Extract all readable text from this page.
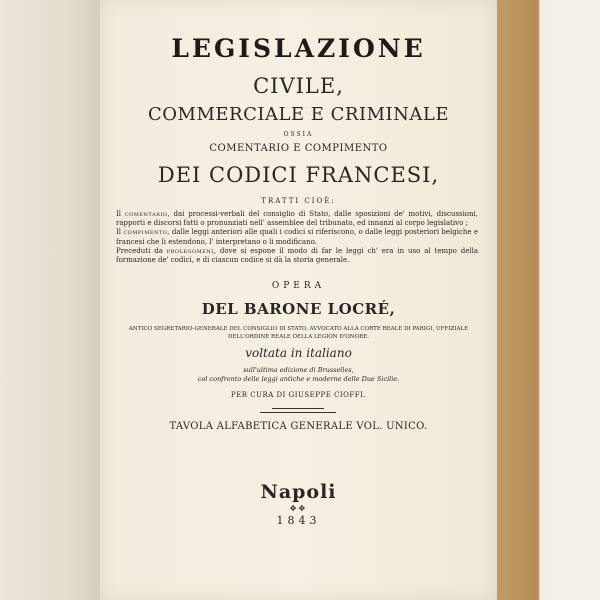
LEGISLAZIONE
CIVILE,
COMMERCIALE E CRIMINALE
OSSIA
COMENTARIO E COMPIMENTO
DEI CODICI FRANCESI,
TRATTI CIOÈ:

Il comentario, dai processi-verbali del consiglio di Stato, dalle sposizioni de' motivi, discussioni, rapporti e discorsi fatti o pronunziati nell' assemblee del tribunato, ed innanzi al corpo legislativo ;

Il compimento, dalle leggi anteriori alle quali i codici si riferiscono, o dalle leggi posteriori belgiche e francesi che li estendono, l' interpretano o li modificano.

Preceduti da prolegomeni, dove si espone il modo di far le leggi ch' era in uso al tempo della formazione de' codici, e di ciascun codice si dà la storia generale.

OPERA
DEL BARONE LOCRÉ,
ANTICO SEGRETARIO-GENERALE DEL CONSIGLIO DI STATO, AVVOCATO ALLA CORTE REALE DI PARIGI, UFFIZIALE DELL'ORDINE REALE DELLA LEGION D'ONORE.
voltata in italiano
sull'ultima edizione di Brusselles,
col confronto delle leggi antiche e moderne delle Due Sicilie.
PER CURA DI GIUSEPPE CIOFFI.
TAVOLA ALFABETICA GENERALE VOL. UNICO.
Napoli
✥✥
1843
